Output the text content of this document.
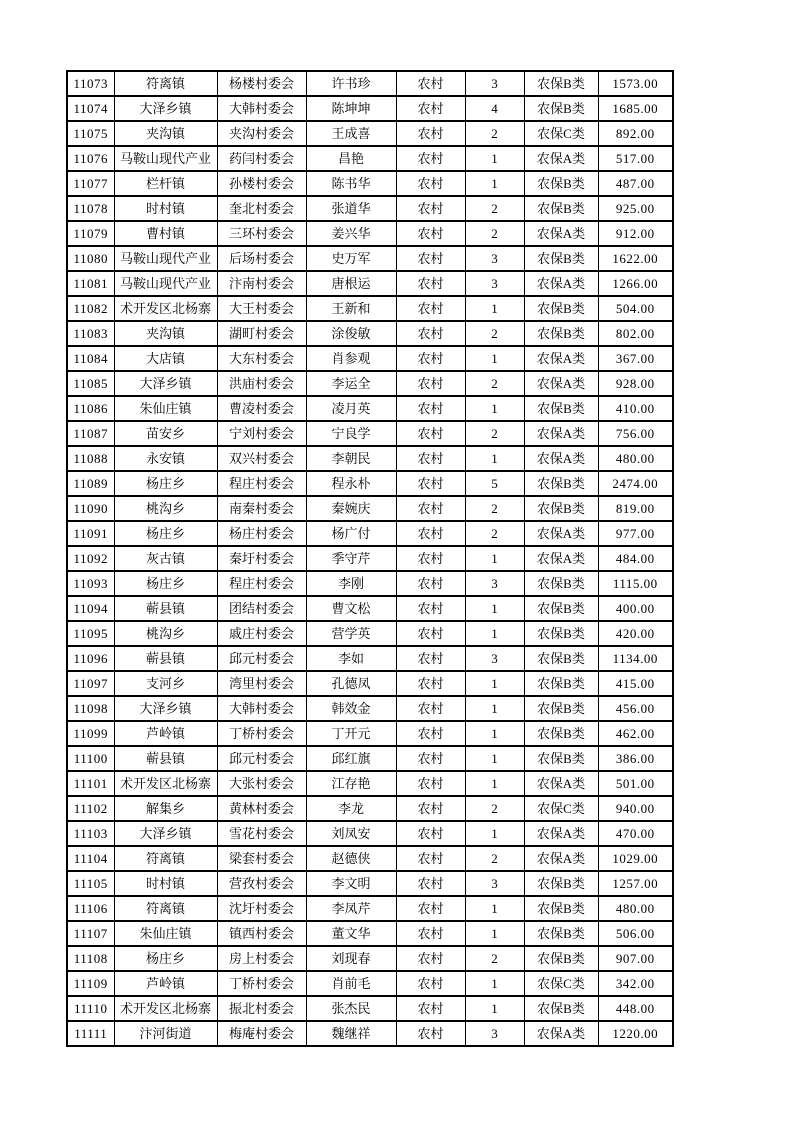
11073	符离镇	杨楼村委会	许书珍	农村	3	农保B类	1573.00
11074	大泽乡镇	大韩村委会	陈坤坤	农村	4	农保B类	1685.00
11075	夹沟镇	夹沟村委会	王成喜	农村	2	农保C类	892.00
11076	马鞍山现代产业	药闫村委会	昌艳	农村	1	农保A类	517.00
11077	栏杆镇	孙楼村委会	陈书华	农村	1	农保B类	487.00
11078	时村镇	奎北村委会	张道华	农村	2	农保B类	925.00
11079	曹村镇	三环村委会	姜兴华	农村	2	农保A类	912.00
11080	马鞍山现代产业	后场村委会	史万军	农村	3	农保B类	1622.00
11081	马鞍山现代产业	汴南村委会	唐根运	农村	3	农保A类	1266.00
11082	术开发区北杨寨	大王村委会	王新和	农村	1	农保B类	504.00
11083	夹沟镇	湖町村委会	涂俊敏	农村	2	农保B类	802.00
11084	大店镇	大东村委会	肖参观	农村	1	农保A类	367.00
11085	大泽乡镇	洪庙村委会	李运全	农村	2	农保A类	928.00
11086	朱仙庄镇	曹凌村委会	凌月英	农村	1	农保B类	410.00
11087	苗安乡	宁刘村委会	宁良学	农村	2	农保A类	756.00
11088	永安镇	双兴村委会	李朝民	农村	1	农保A类	480.00
11089	杨庄乡	程庄村委会	程永朴	农村	5	农保B类	2474.00
11090	桃沟乡	南秦村委会	秦婉庆	农村	2	农保B类	819.00
11091	杨庄乡	杨庄村委会	杨广付	农村	2	农保A类	977.00
11092	灰古镇	秦圩村委会	季守芹	农村	1	农保A类	484.00
11093	杨庄乡	程庄村委会	李刚	农村	3	农保B类	1115.00
11094	蕲县镇	团结村委会	曹文松	农村	1	农保B类	400.00
11095	桃沟乡	戚庄村委会	营学英	农村	1	农保B类	420.00
11096	蕲县镇	邱元村委会	李如	农村	3	农保B类	1134.00
11097	支河乡	湾里村委会	孔德凤	农村	1	农保B类	415.00
11098	大泽乡镇	大韩村委会	韩效金	农村	1	农保B类	456.00
11099	芦岭镇	丁桥村委会	丁开元	农村	1	农保B类	462.00
11100	蕲县镇	邱元村委会	邱红旗	农村	1	农保B类	386.00
11101	术开发区北杨寨	大张村委会	江存艳	农村	1	农保A类	501.00
11102	解集乡	黄林村委会	李龙	农村	2	农保C类	940.00
11103	大泽乡镇	雪花村委会	刘凤安	农村	1	农保A类	470.00
11104	符离镇	梁套村委会	赵德侠	农村	2	农保A类	1029.00
11105	时村镇	营孜村委会	李文明	农村	3	农保B类	1257.00
11106	符离镇	沈圩村委会	李凤芹	农村	1	农保B类	480.00
11107	朱仙庄镇	镇西村委会	董文华	农村	1	农保B类	506.00
11108	杨庄乡	房上村委会	刘现春	农村	2	农保B类	907.00
11109	芦岭镇	丁桥村委会	肖前毛	农村	1	农保C类	342.00
11110	术开发区北杨寨	振北村委会	张杰民	农村	1	农保B类	448.00
11111	汴河街道	梅庵村委会	魏继祥	农村	3	农保A类	1220.00
